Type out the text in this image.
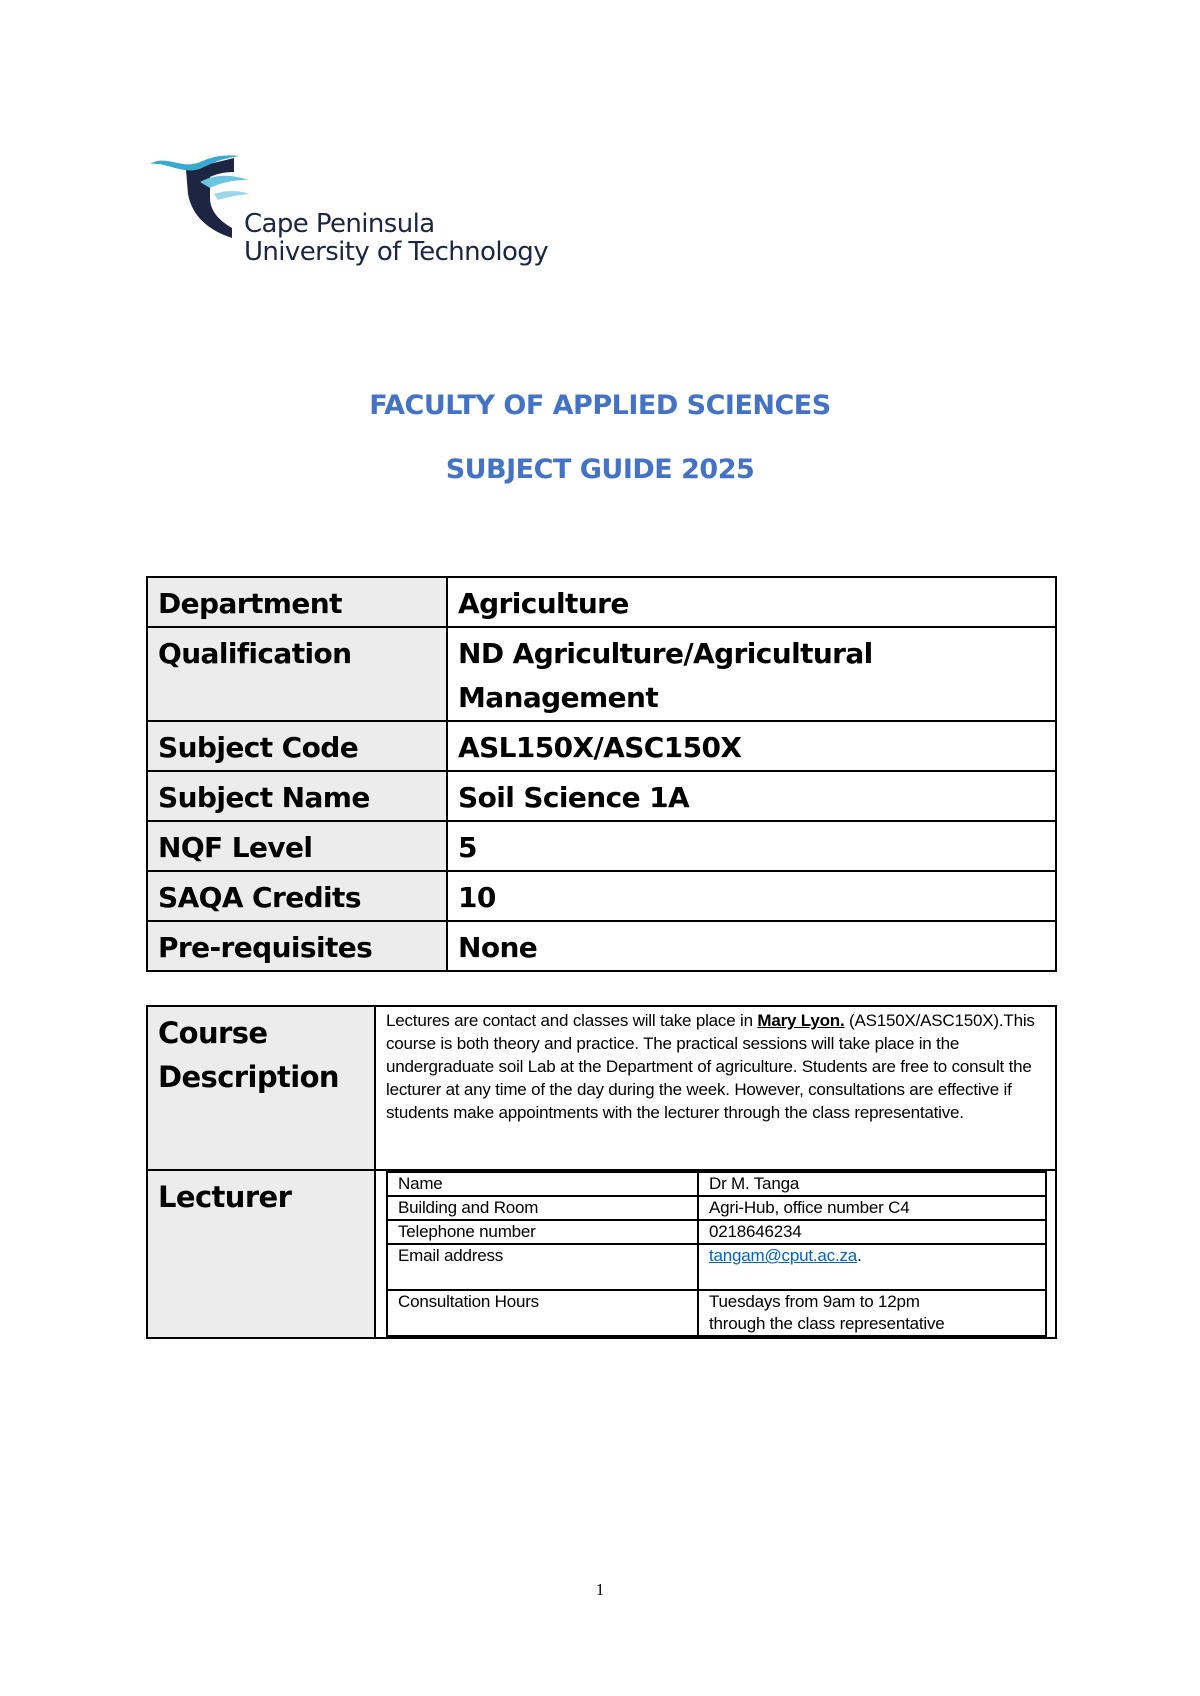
Cape Peninsula
University of Technology
FACULTY OF APPLIED SCIENCES
SUBJECT GUIDE 2025
Department	Agriculture
Qualification	ND Agriculture/Agricultural Management
Subject Code	ASL150X/ASC150X
Subject Name	Soil Science 1A
NQF Level	5
SAQA Credits	10
Pre-requisites	None
Course
Description
	Lectures are contact and classes will take place in Mary Lyon. (AS150X/ASC150X).This course is both theory and practice. The practical sessions will take place in the undergraduate soil Lab at the Department of agriculture. Students are free to consult the lecturer at any time of the day during the week. However, consultations are effective if students make appointments with the lecturer through the class representative.
Lecturer		Name	Dr M. Tanga
Building and Room	Agri-Hub, office number C4
Telephone number	0218646234
Email address	tangam@cput.ac.za.
Consultation Hours	Tuesdays from 9am to 12pm
through the class representative
1
